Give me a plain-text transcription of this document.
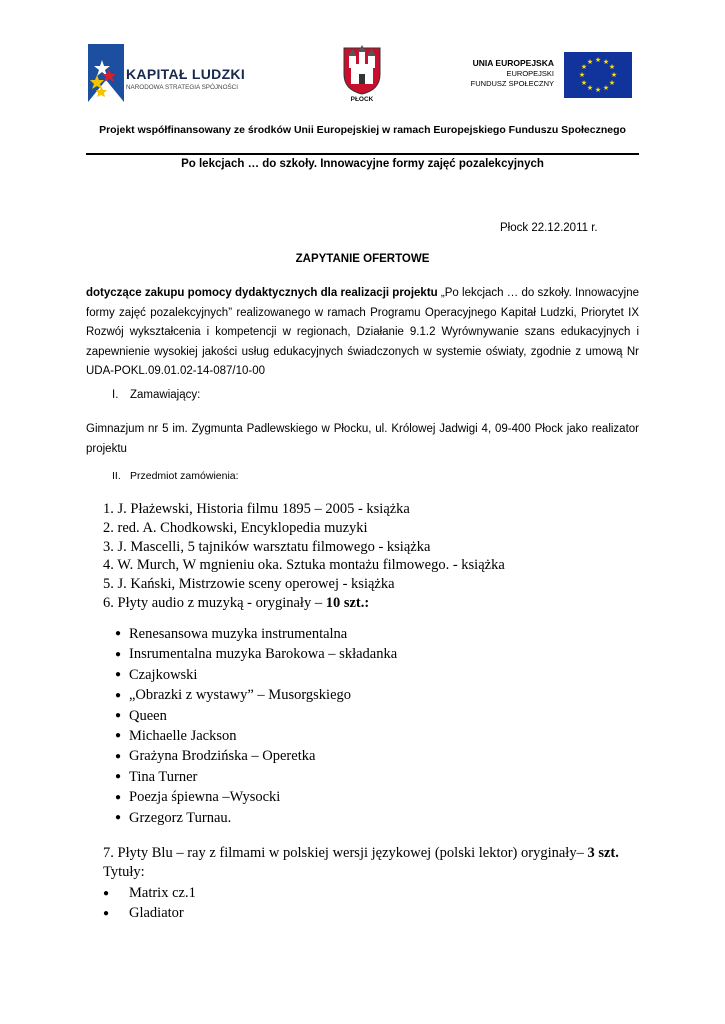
KAPITAŁ LUDZKI
NARODOWA STRATEGIA SPÓJNOŚCI
PŁOCK
UNIA EUROPEJSKA
EUROPEJSKI
FUNDUSZ SPOŁECZNY
★ ★
★
★
★
★
★
★
★
★
★
★
Projekt współfinansowany ze środków Unii Europejskiej w ramach Europejskiego Funduszu Społecznego
Po lekcjach … do szkoły. Innowacyjne formy zajęć pozalekcyjnych
Płock 22.12.2011 r.
ZAPYTANIE OFERTOWE
dotyczące zakupu pomocy dydaktycznych dla realizacji projektu „Po lekcjach … do szkoły. Innowacyjne formy zajęć pozalekcyjnych” realizowanego w ramach Programu Operacyjnego Kapitał Ludzki, Priorytet IX Rozwój wykształcenia i kompetencji w regionach, Działanie 9.1.2 Wyrównywanie szans edukacyjnych i zapewnienie wysokiej jakości usług edukacyjnych świadczonych w systemie oświaty, zgodnie z umową Nr UDA-POKL.09.01.02-14-087/10-00
I. Zamawiający:
Gimnazjum nr 5 im. Zygmunta Padlewskiego w Płocku, ul. Królowej Jadwigi 4, 09-400 Płock jako realizator projektu
II. Przedmiot zamówienia:
1. J. Płażewski, Historia filmu 1895 – 2005 - książka
2. red. A. Chodkowski, Encyklopedia muzyki
3. J. Mascelli, 5 tajników warsztatu filmowego - książka
4. W. Murch, W mgnieniu oka. Sztuka montażu filmowego. - książka
5. J. Kański, Mistrzowie sceny operowej - książka
6. Płyty audio z muzyką - oryginały – 10 szt.:
● Renesansowa muzyka instrumentalna
● Insrumentalna muzyka Barokowa – składanka
● Czajkowski
● „Obrazki z wystawy” – Musorgskiego
● Queen
● Michaelle Jackson
● Grażyna Brodzińska – Operetka
● Tina Turner
● Poezja śpiewna –Wysocki
● Grzegorz Turnau.
7. Płyty Blu – ray z filmami w polskiej wersji językowej (polski lektor) oryginały– 3 szt.
Tytuły:
● Matrix cz.1
● Gladiator
